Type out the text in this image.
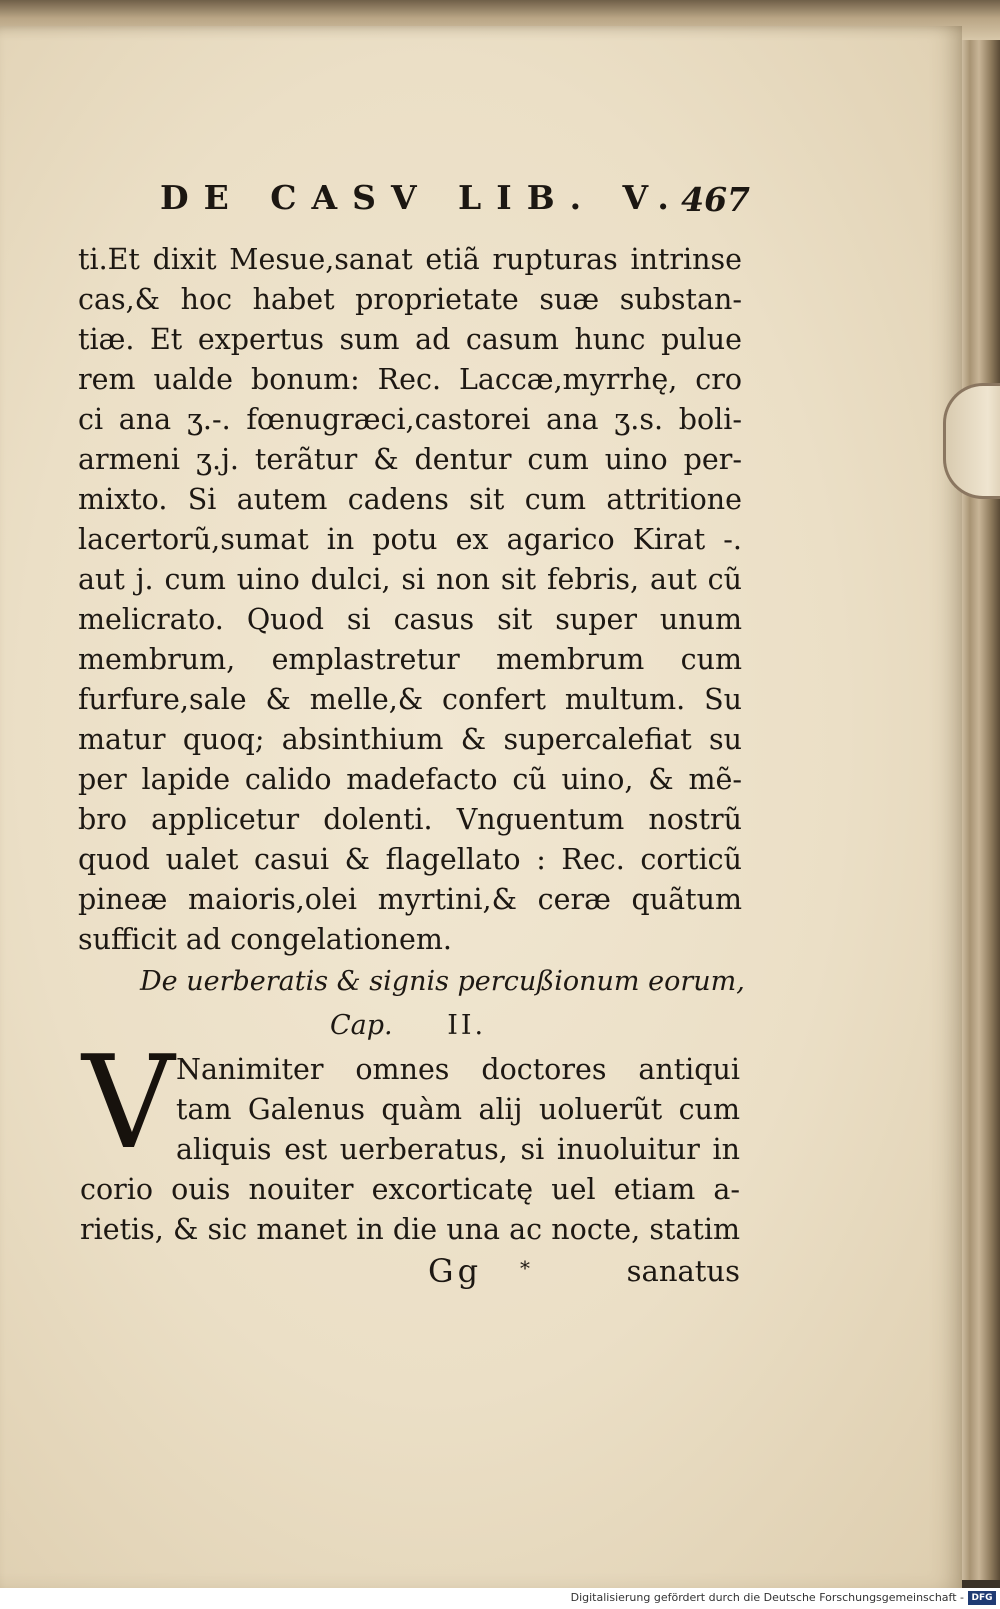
DE CASV LIB. V.
467
ti.Et dixit Mesue,sanat etiã rupturas intrinse
cas,& hoc habet proprietate suæ substan-
tiæ. Et expertus sum ad casum hunc pulue
rem ualde bonum: Rec. Laccæ,myrrhę, cro
ci ana ʒ.-. fœnugræci,castorei ana ʒ.s. boli-
armeni ʒ.j. terãtur & dentur cum uino per-
mixto. Si autem cadens sit cum attritione
lacertorũ,sumat in potu ex agarico Kirat -.
aut j. cum uino dulci, si non sit febris, aut cũ
melicrato. Quod si casus sit super unum
membrum, emplastretur membrum cum
furfure,sale & melle,& confert multum. Su
matur quoq; absinthium & supercalefiat su
per lapide calido madefacto cũ uino, & mẽ-
bro applicetur dolenti. Vnguentum nostrũ
quod ualet casui & flagellato : Rec. corticũ
pineæ maioris,olei myrtini,& ceræ quãtum
sufficit ad congelationem.
De uerberatis & signis percußionum eorum,
Cap. II.
V Nanimiter omnes doctores antiqui
tam Galenus quàm alij uoluerũt cum
aliquis est uerberatus, si inuoluitur in
corio ouis nouiter excorticatę uel etiam a-
rietis, & sic manet in die una ac nocte, statim
Gg *	sanatus
Digitalisierung gefördert durch die Deutsche Forschungsgemeinschaft - DFG
